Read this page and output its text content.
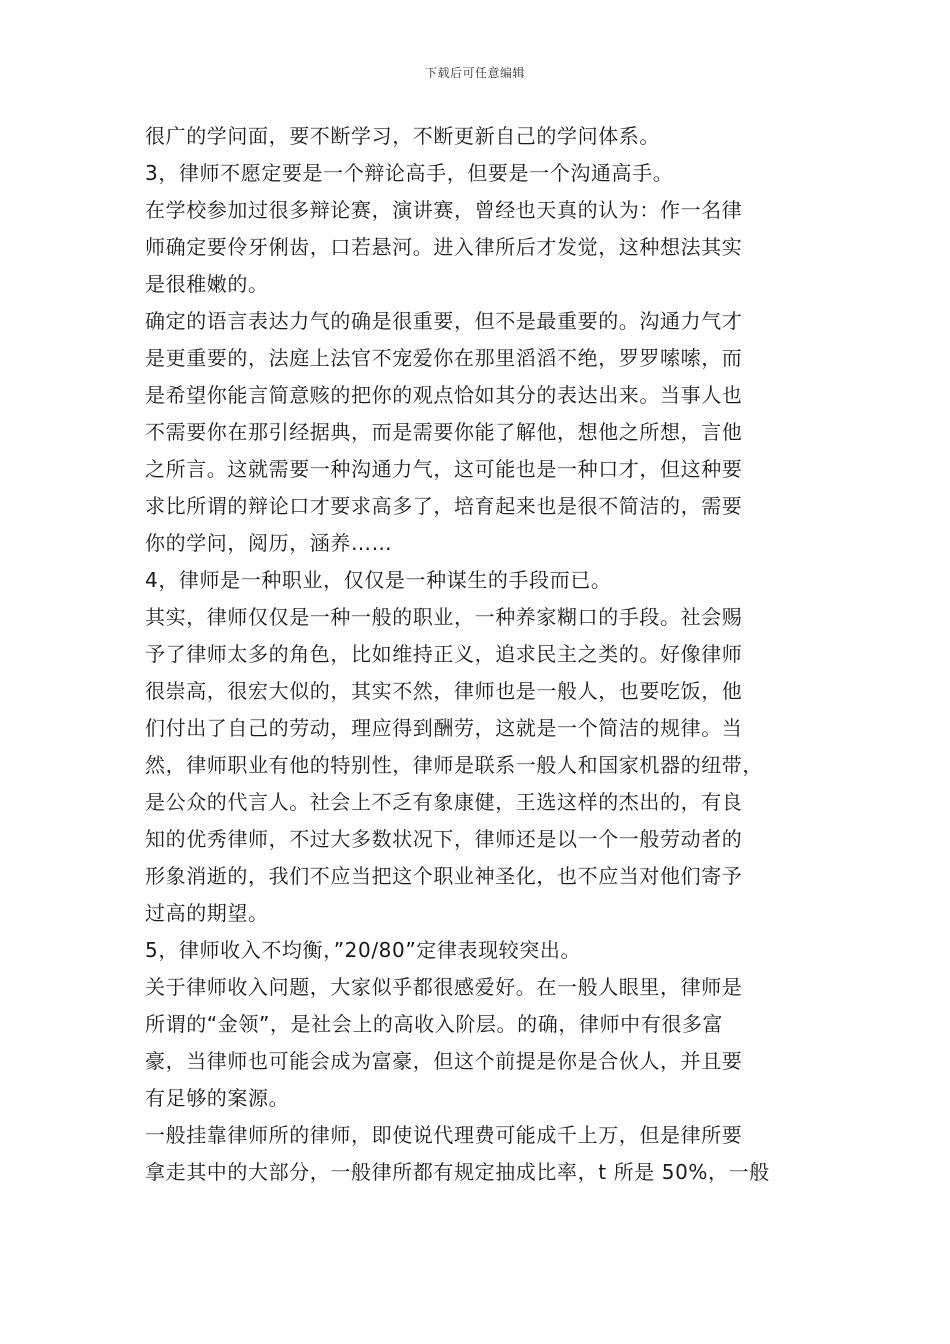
下载后可任意编辑
很广的学问面，要不断学习，不断更新自己的学问体系。
3，律师不愿定要是一个辩论高手，但要是一个沟通高手。
在学校参加过很多辩论赛，演讲赛，曾经也天真的认为：作一名律
师确定要伶牙俐齿，口若悬河。进入律所后才发觉，这种想法其实
是很稚嫩的。
确定的语言表达力气的确是很重要，但不是最重要的。沟通力气才
是更重要的，法庭上法官不宠爱你在那里滔滔不绝，罗罗嗦嗦，而
是希望你能言简意赅的把你的观点恰如其分的表达出来。当事人也
不需要你在那引经据典，而是需要你能了解他，想他之所想，言他
之所言。这就需要一种沟通力气，这可能也是一种口才，但这种要
求比所谓的辩论口才要求高多了，培育起来也是很不简洁的，需要
你的学问，阅历，涵养……
4，律师是一种职业，仅仅是一种谋生的手段而已。
其实，律师仅仅是一种一般的职业，一种养家糊口的手段。社会赐
予了律师太多的角色，比如维持正义，追求民主之类的。好像律师
很崇高，很宏大似的，其实不然，律师也是一般人，也要吃饭，他
们付出了自己的劳动，理应得到酬劳，这就是一个简洁的规律。当
然，律师职业有他的特别性，律师是联系一般人和国家机器的纽带，
是公众的代言人。社会上不乏有象康健，王选这样的杰出的，有良
知的优秀律师，不过大多数状况下，律师还是以一个一般劳动者的
形象消逝的，我们不应当把这个职业神圣化，也不应当对他们寄予
过高的期望。
5，律师收入不均衡，”20/80”定律表现较突出。
关于律师收入问题，大家似乎都很感爱好。在一般人眼里，律师是
所谓的“金领”，是社会上的高收入阶层。的确，律师中有很多富
豪，当律师也可能会成为富豪，但这个前提是你是合伙人，并且要
有足够的案源。
一般挂靠律师所的律师，即使说代理费可能成千上万，但是律所要
拿走其中的大部分，一般律所都有规定抽成比率，t 所是 50%，一般
